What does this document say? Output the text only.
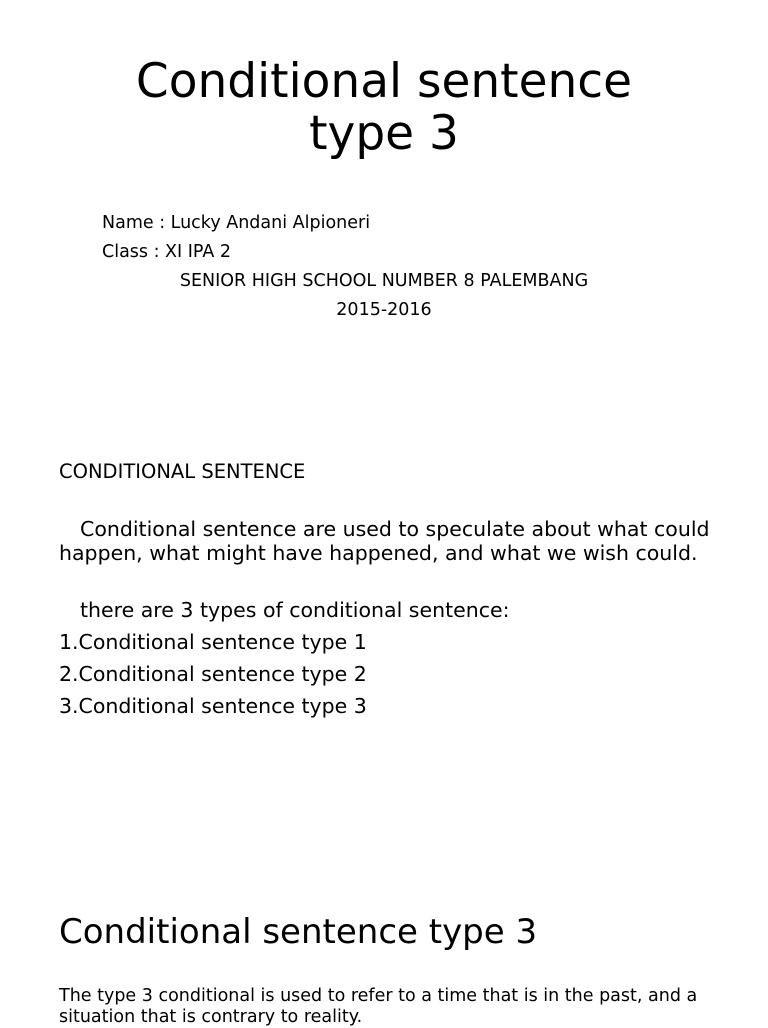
Conditional sentence
type 3

Name : Lucky Andani Alpioneri

Class : XI IPA 2

SENIOR HIGH SCHOOL NUMBER 8 PALEMBANG

2015-2016

CONDITIONAL SENTENCE

Conditional sentence are used to speculate about what could happen, what might have happened, and what we wish could.

there are 3 types of conditional sentence:

1.Conditional sentence type 1

2.Conditional sentence type 2

3.Conditional sentence type 3

Conditional sentence type 3

The type 3 conditional is used to refer to a time that is in the past, and a situation that is contrary to reality.
